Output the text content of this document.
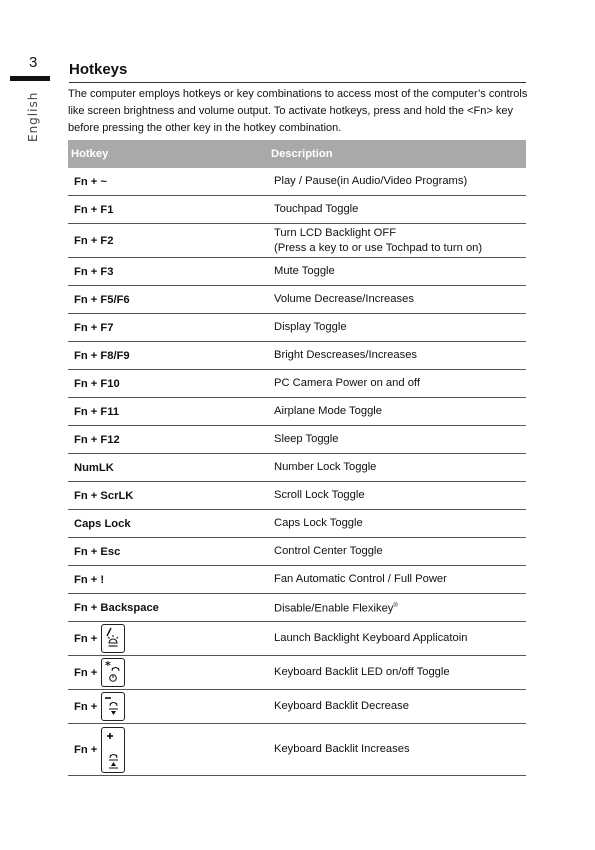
3
English
Hotkeys
The computer employs hotkeys or key combinations to access most of the computer’s controls like screen brightness and volume output. To activate hotkeys, press and hold the <Fn> key before pressing the other key in the hotkey combination.
Hotkey	Description
Fn + ~	Play / Pause(in Audio/Video Programs)
Fn + F1	Touchpad Toggle
Fn + F2	Turn LCD Backlight OFF
(Press a key to or use Tochpad to turn on)

Fn + F3	Mute Toggle
Fn + F5/F6	Volume Decrease/Increases
Fn + F7	Display Toggle
Fn + F8/F9	Bright Descreases/Increases
Fn + F10	PC Camera Power on and off
Fn + F11	Airplane Mode Toggle
Fn + F12	Sleep Toggle
NumLK	Number Lock Toggle
Fn + ScrLK	Scroll Lock Toggle
Caps Lock	Caps Lock Toggle
Fn + Esc	Control Center Toggle
Fn + !	Fan Automatic Control / Full Power
Fn + Backspace	Disable/Enable Flexikey®

Fn +	Launch Backlight Keyboard Applicatoin

Fn +
*	Keyboard Backlit LED on/off Toggle

Fn +	Keyboard Backlit Decrease

Fn +	Keyboard Backlit Increases
